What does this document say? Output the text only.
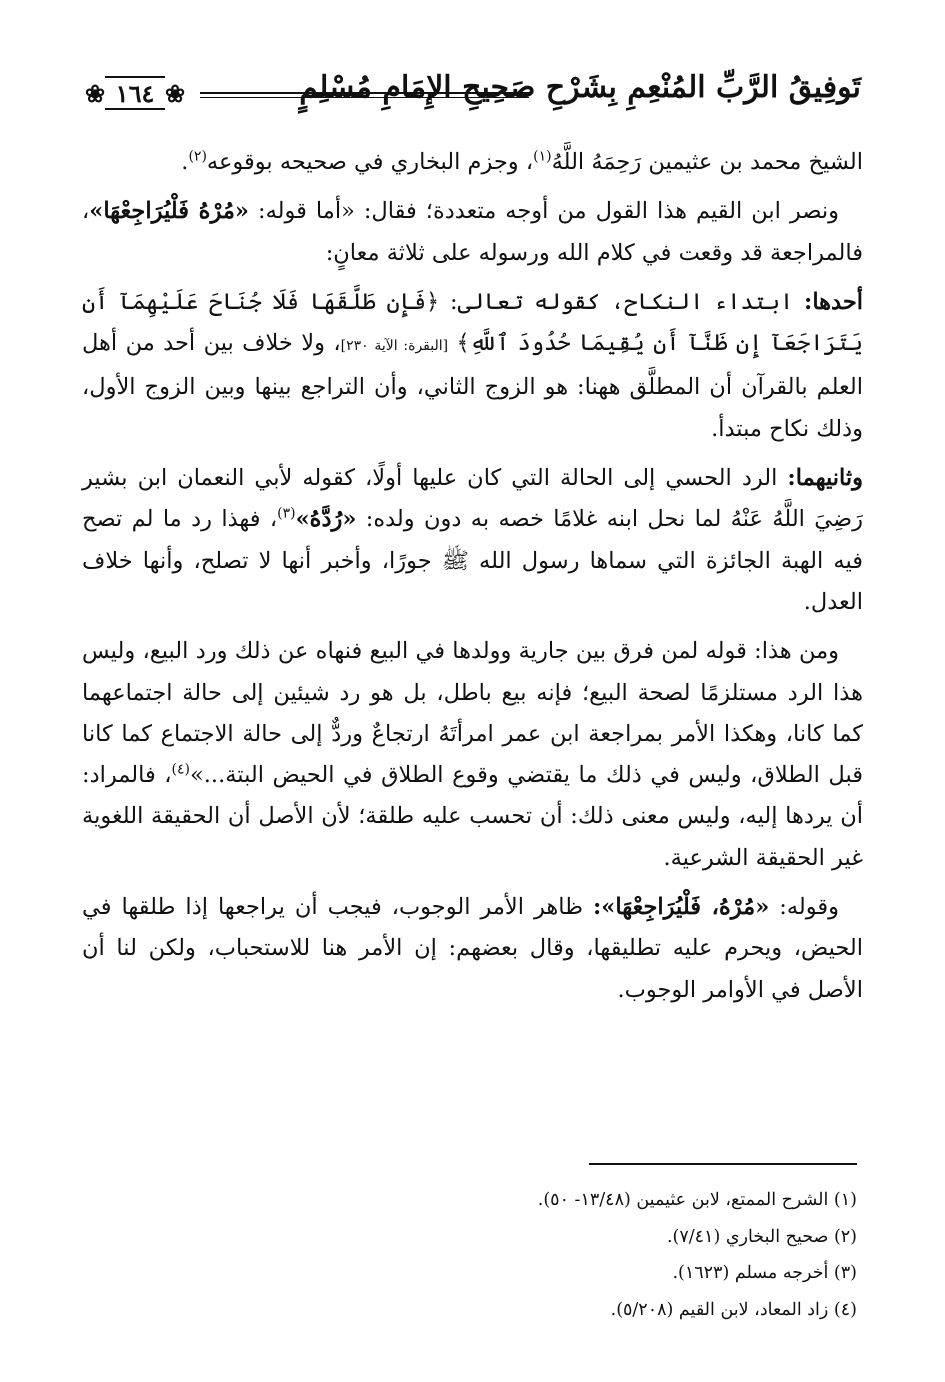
تَوفِيقُ الرَّبِّ المُنْعِمِ بِشَرْحِ صَحِيحِ الإِمَامِ مُسْلِمٍ
❀ ١٦٤ ❀

الشيخ محمد بن عثيمين رَحِمَهُ اللَّهُ$^{(١)}$، وجزم البخاري في صحيحه بوقوعه$^{(٢)}$.

ونصر ابن القيم هذا القول من أوجه متعددة؛ فقال: «أما قوله: «مُرْهُ فَلْيُرَاجِعْهَا»، فالمراجعة قد وقعت في كلام الله ورسوله على ثلاثة معانٍ:

أحدها: ابتداء النكاح، كقوله تعالى: ﴿فَإِن طَلَّقَهَا فَلَا جُنَاحَ عَلَيْهِمَآ أَن يَتَرَاجَعَآ إِن ظَنَّآ أَن يُقِيمَا حُدُودَ ٱللَّهِ﴾ [البقرة: الآية ٢٣٠]، ولا خلاف بين أحد من أهل العلم بالقرآن أن المطلَّق ههنا: هو الزوج الثاني، وأن التراجع بينها وبين الزوج الأول، وذلك نكاح مبتدأ.

وثانيهما: الرد الحسي إلى الحالة التي كان عليها أولًا، كقوله لأبي النعمان ابن بشير رَضِيَ اللَّهُ عَنْهُ لما نحل ابنه غلامًا خصه به دون ولده: «رُدَّهُ»$^{(٣)}$، فهذا رد ما لم تصح فيه الهبة الجائزة التي سماها رسول الله ﷺ جورًا، وأخبر أنها لا تصلح، وأنها خلاف العدل.

ومن هذا: قوله لمن فرق بين جارية وولدها في البيع فنهاه عن ذلك ورد البيع، وليس هذا الرد مستلزمًا لصحة البيع؛ فإنه بيع باطل، بل هو رد شيئين إلى حالة اجتماعهما كما كانا، وهكذا الأمر بمراجعة ابن عمر امرأتَهُ ارتجاعٌ وردٌّ إلى حالة الاجتماع كما كانا قبل الطلاق، وليس في ذلك ما يقتضي وقوع الطلاق في الحيض البتة...»$^{(٤)}$، فالمراد: أن يردها إليه، وليس معنى ذلك: أن تحسب عليه طلقة؛ لأن الأصل أن الحقيقة اللغوية غير الحقيقة الشرعية.

وقوله: «مُرْهُ، فَلْيُرَاجِعْهَا»: ظاهر الأمر الوجوب، فيجب أن يراجعها إذا طلقها في الحيض، ويحرم عليه تطليقها، وقال بعضهم: إن الأمر هنا للاستحباب، ولكن لنا أن الأصل في الأوامر الوجوب.

(١) الشرح الممتع، لابن عثيمين (١٣/٤٨- ٥٠).
(٢) صحيح البخاري (٧/٤١).
(٣) أخرجه مسلم (١٦٢٣).
(٤) زاد المعاد، لابن القيم (٥/٢٠٨).
